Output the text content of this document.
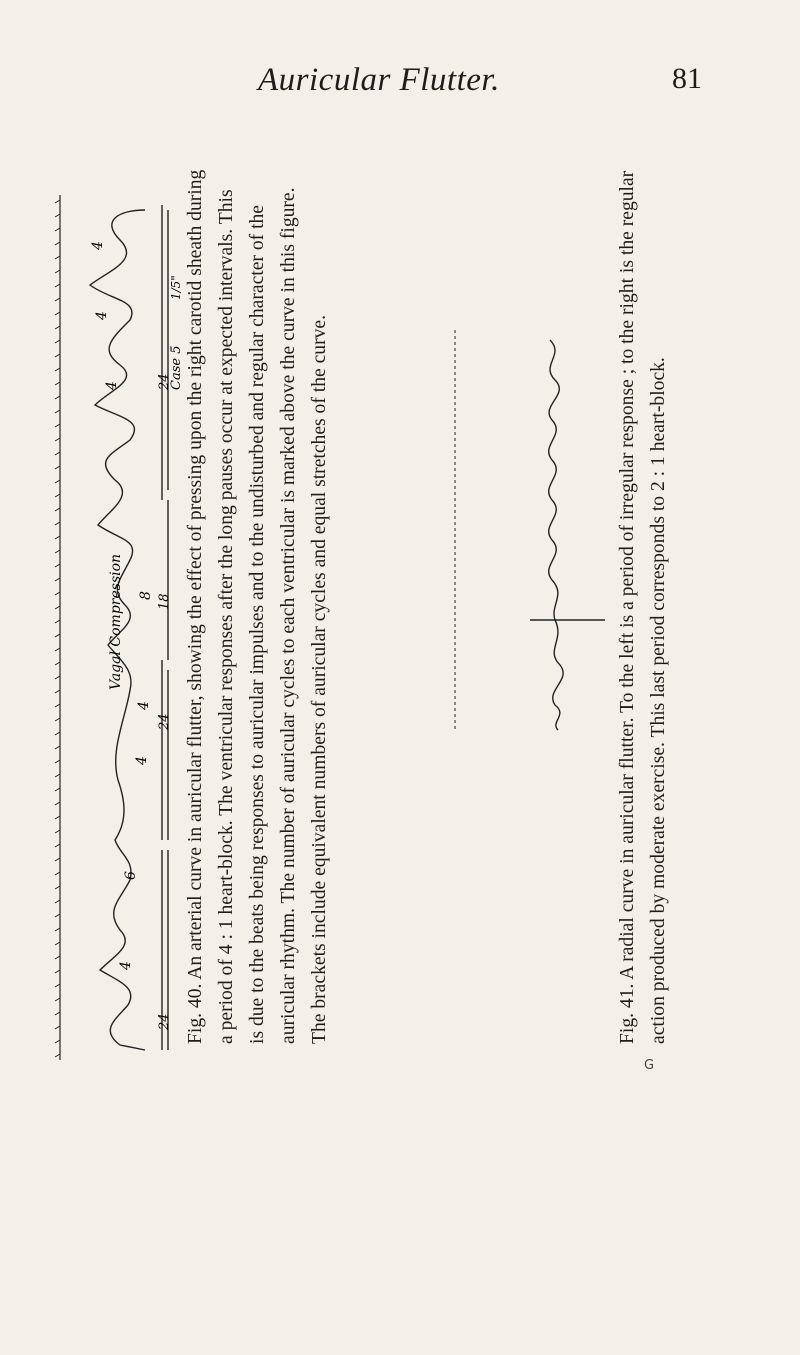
Auricular Flutter.	81
4
4
4
8
4
4
6
4
24
18
24
24
Vagal Compression
Case 5
1/5" Fig. 40. An arterial curve in auricular flutter, showing the effect of pressing upon the right carotid sheath during a period of 4 : 1 heart-block. The ventricular responses after the long pauses occur at expected intervals. This is due to the beats being responses to auricular impulses and to the undisturbed and regular character of the auricular rhythm. The number of auricular cycles to each ventricular is marked above the curve in this figure. The brackets include equivalent numbers of auricular cycles and equal stretches of the curve.	Fig. 41. A radial curve in auricular flutter. To the left is a period of irregular response ; to the right is the regular action produced by moderate exercise. This last period corresponds to 2 : 1 heart-block.
G
